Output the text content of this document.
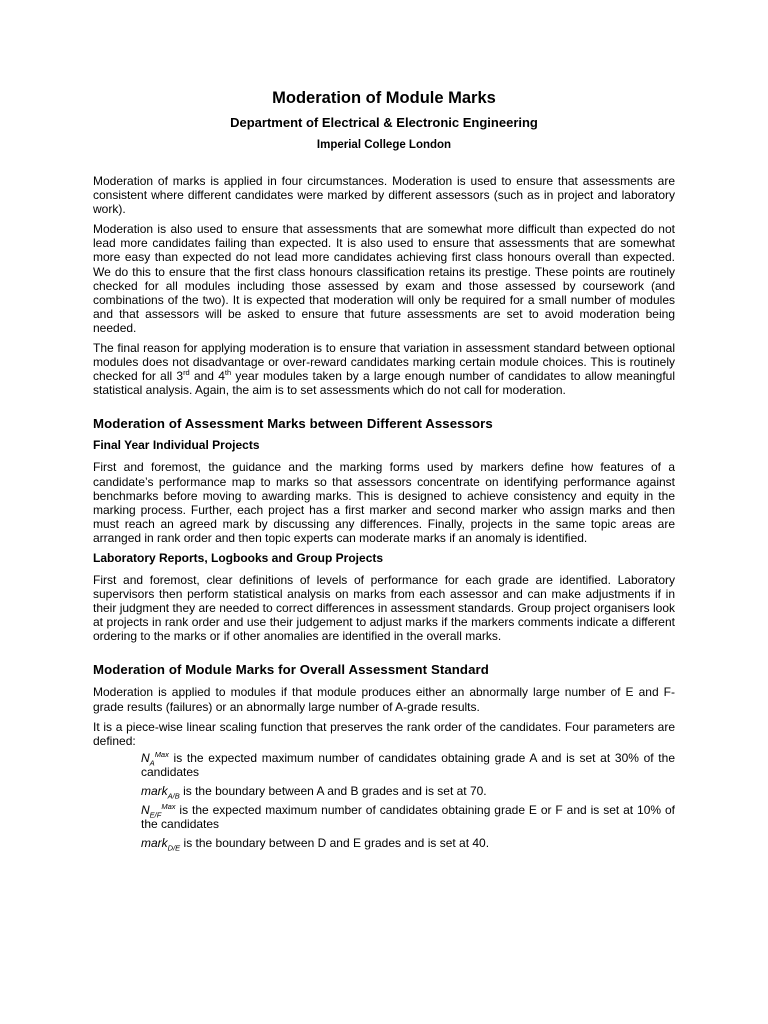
Moderation of Module Marks
Department of Electrical & Electronic Engineering
Imperial College London

Moderation of marks is applied in four circumstances. Moderation is used to ensure that assessments are consistent where different candidates were marked by different assessors (such as in project and laboratory work).

Moderation is also used to ensure that assessments that are somewhat more difficult than expected do not lead more candidates failing than expected. It is also used to ensure that assessments that are somewhat more easy than expected do not lead more candidates achieving first class honours overall than expected. We do this to ensure that the first class honours classification retains its prestige. These points are routinely checked for all modules including those assessed by exam and those assessed by coursework (and combinations of the two). It is expected that moderation will only be required for a small number of modules and that assessors will be asked to ensure that future assessments are set to avoid moderation being needed.

The final reason for applying moderation is to ensure that variation in assessment standard between optional modules does not disadvantage or over-reward candidates marking certain module choices. This is routinely checked for all 3rd and 4th year modules taken by a large enough number of candidates to allow meaningful statistical analysis. Again, the aim is to set assessments which do not call for moderation.

Moderation of Assessment Marks between Different Assessors
Final Year Individual Projects

First and foremost, the guidance and the marking forms used by markers define how features of a candidate’s performance map to marks so that assessors concentrate on identifying performance against benchmarks before moving to awarding marks. This is designed to achieve consistency and equity in the marking process. Further, each project has a first marker and second marker who assign marks and then must reach an agreed mark by discussing any differences. Finally, projects in the same topic areas are arranged in rank order and then topic experts can moderate marks if an anomaly is identified.

Laboratory Reports, Logbooks and Group Projects

First and foremost, clear definitions of levels of performance for each grade are identified. Laboratory supervisors then perform statistical analysis on marks from each assessor and can make adjustments if in their judgment they are needed to correct differences in assessment standards. Group project organisers look at projects in rank order and use their judgement to adjust marks if the markers comments indicate a different ordering to the marks or if other anomalies are identified in the overall marks.

Moderation of Module Marks for Overall Assessment Standard

Moderation is applied to modules if that module produces either an abnormally large number of E and F-grade results (failures) or an abnormally large number of A-grade results.

It is a piece-wise linear scaling function that preserves the rank order of the candidates. Four parameters are defined:

$N_A^{Max}$ is the expected maximum number of candidates obtaining grade A and is set at 30% of the candidates

mark$_{A/B}$ is the boundary between A and B grades and is set at 70.

$N_{E/F}^{Max}$ is the expected maximum number of candidates obtaining grade E or F and is set at 10% of the candidates

mark$_{D/E}$ is the boundary between D and E grades and is set at 40.
